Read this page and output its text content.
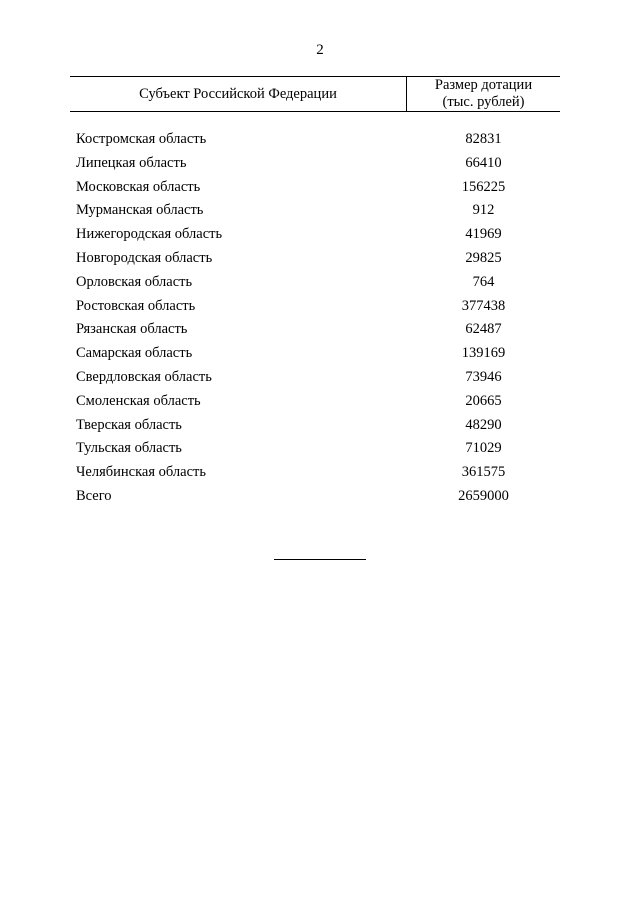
2
Субъект Российской Федерации
Размер дотации
(тыс. рублей)
Костромская область	82831
Липецкая область	66410
Московская область	156225
Мурманская область	912
Нижегородская область	41969
Новгородская область	29825
Орловская область	764
Ростовская область	377438
Рязанская область	62487
Самарская область	139169
Свердловская область	73946
Смоленская область	20665
Тверская область	48290
Тульская область	71029
Челябинская область	361575
Всего	2659000
